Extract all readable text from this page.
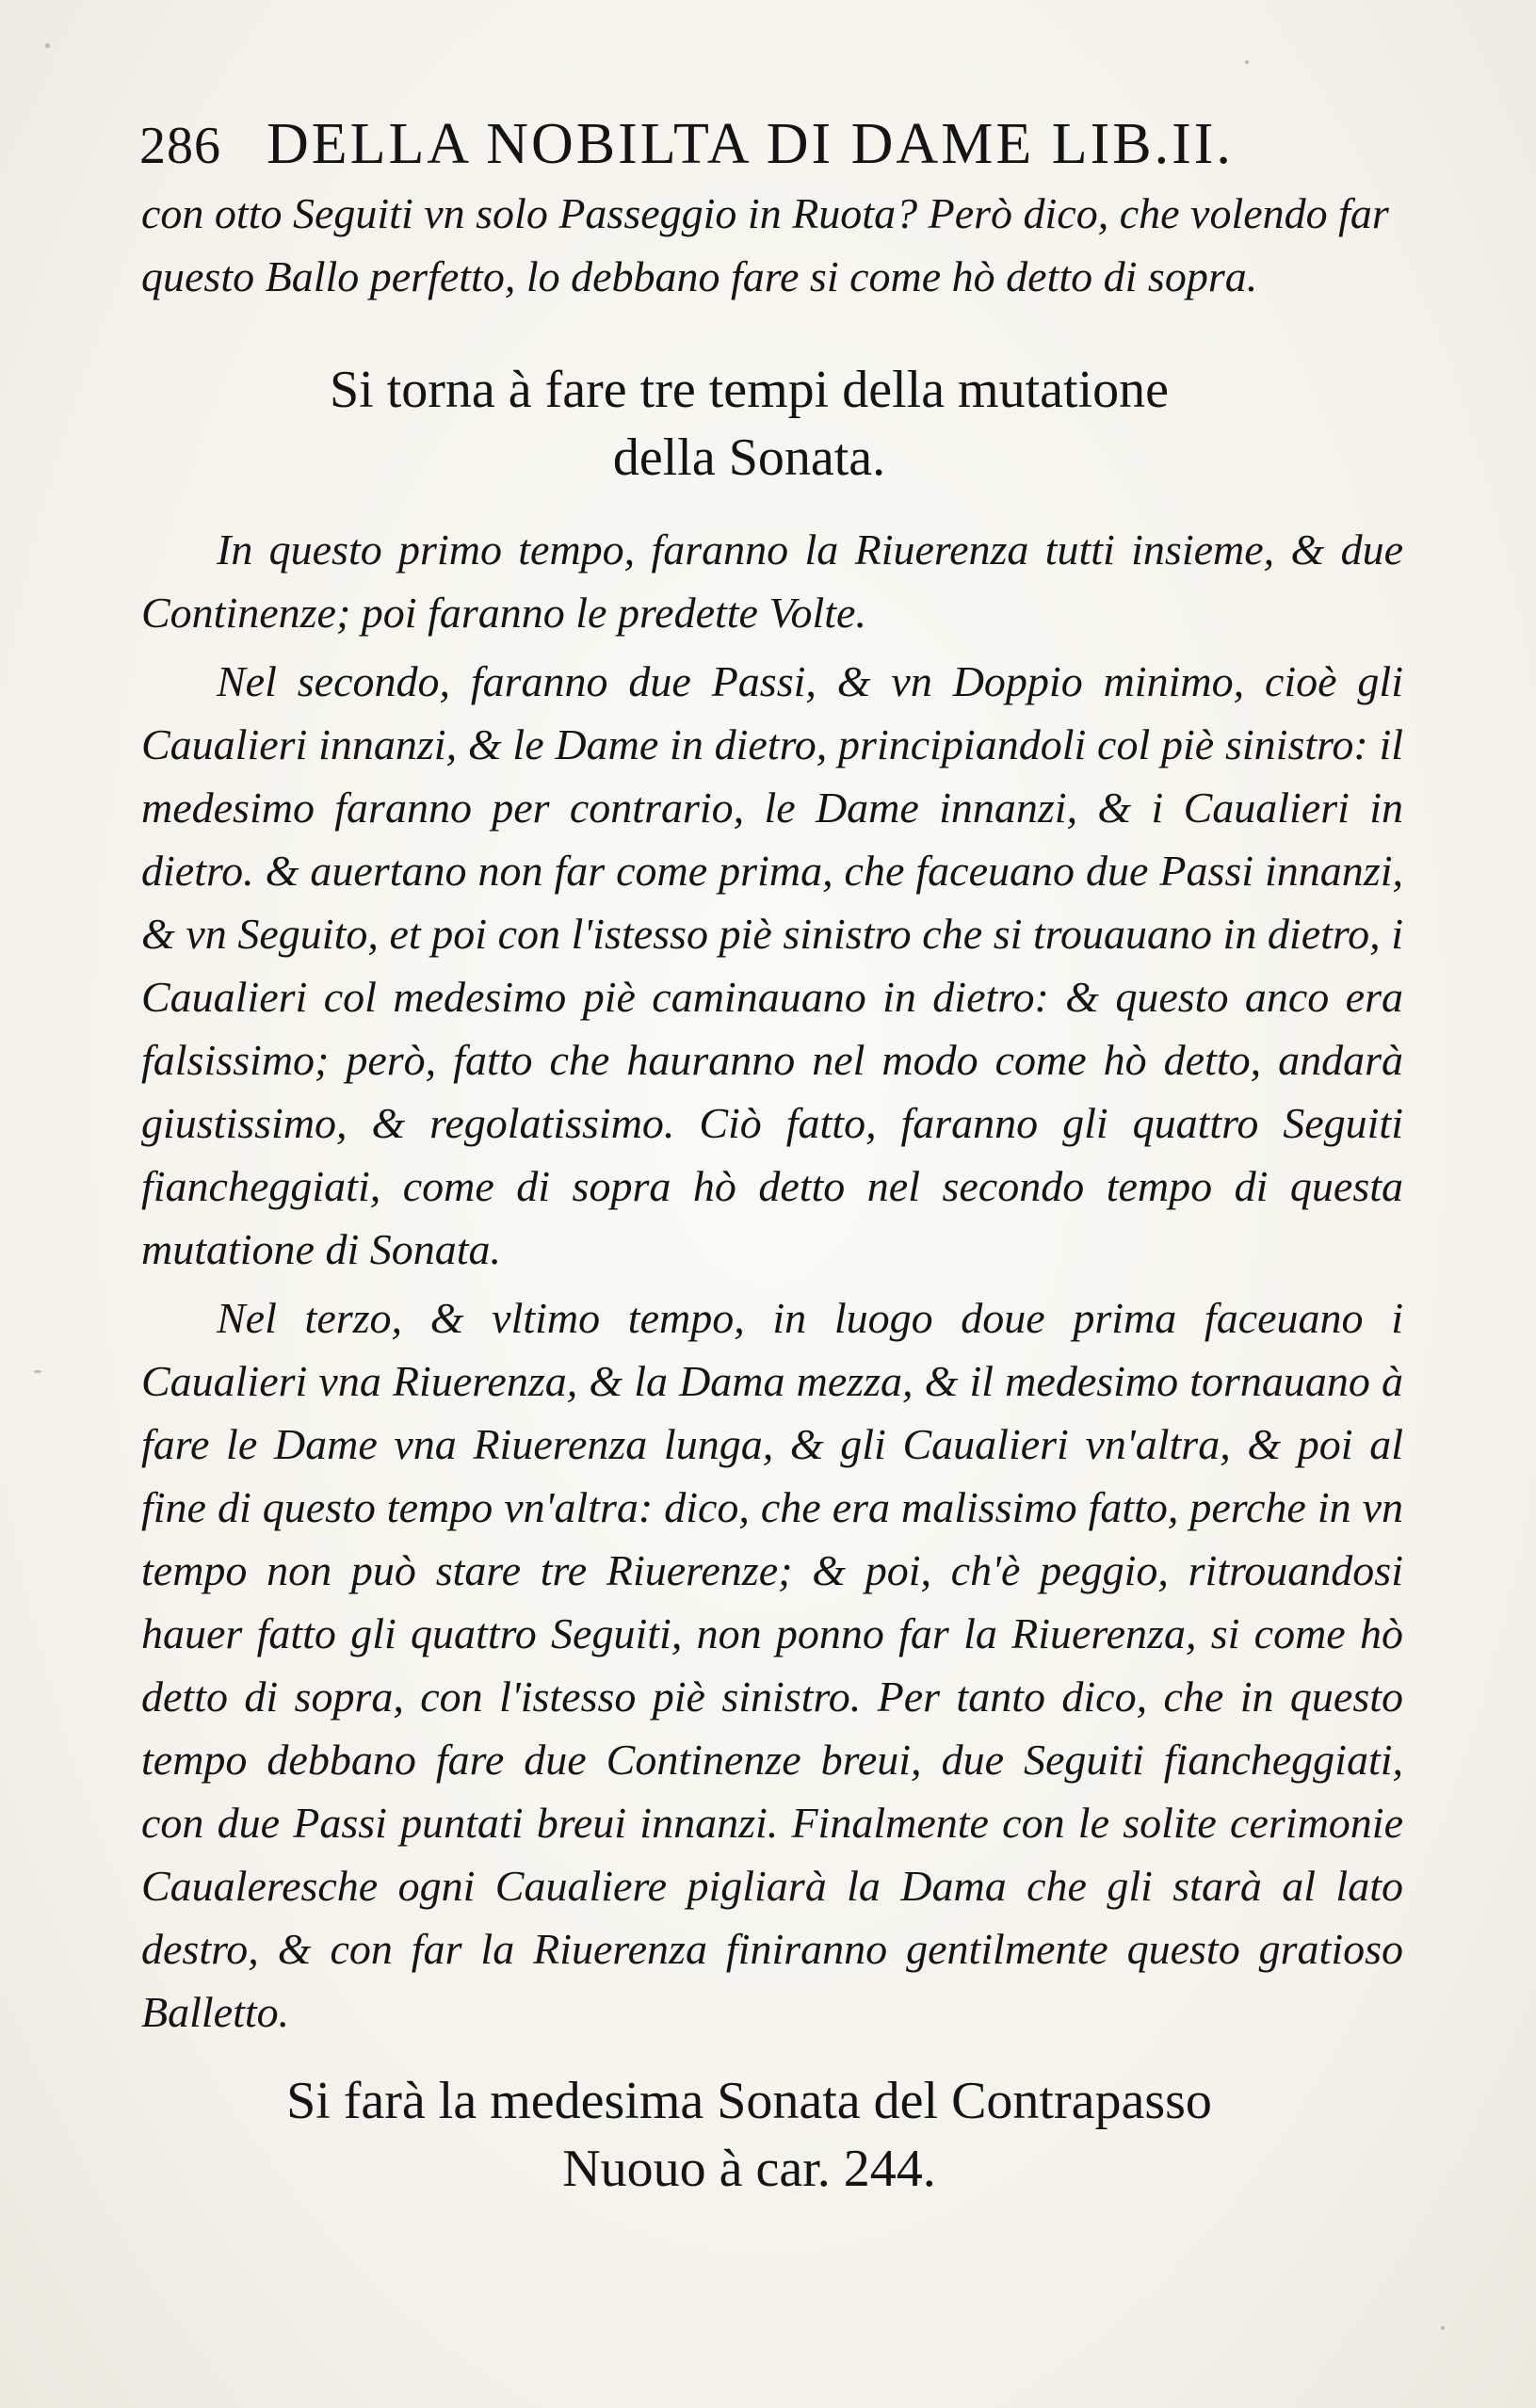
286 DELLA NOBILTA DI DAME LIB.II.

con otto Seguiti vn solo Passeggio in Ruota? Però dico, che volendo far questo Ballo perfetto, lo debbano fare si come hò detto di sopra.

Si torna à fare tre tempi della mutatione
della Sonata.

In questo primo tempo, faranno la Riuerenza tutti insieme, & due Continenze; poi faranno le predette Volte.

Nel secondo, faranno due Passi, & vn Doppio minimo, cioè gli Caualieri innanzi, & le Dame in dietro, principiandoli col piè sinistro: il medesimo faranno per contrario, le Dame innanzi, & i Caualieri in dietro. & auertano non far come prima, che faceuano due Passi innanzi, & vn Seguito, et poi con l'istesso piè sinistro che si trouauano in dietro, i Caualieri col medesimo piè caminauano in dietro: & questo anco era falsissimo; però, fatto che hauranno nel modo come hò detto, andarà giustissimo, & regolatissimo. Ciò fatto, faranno gli quattro Seguiti fiancheggiati, come di sopra hò detto nel secondo tempo di questa mutatione di Sonata.

Nel terzo, & vltimo tempo, in luogo doue prima faceuano i Caualieri vna Riuerenza, & la Dama mezza, & il medesimo tornauano à fare le Dame vna Riuerenza lunga, & gli Caualieri vn'altra, & poi al fine di questo tempo vn'altra: dico, che era malissimo fatto, perche in vn tempo non può stare tre Riuerenze; & poi, ch'è peggio, ritrouandosi hauer fatto gli quattro Seguiti, non ponno far la Riuerenza, si come hò detto di sopra, con l'istesso piè sinistro. Per tanto dico, che in questo tempo debbano fare due Continenze breui, due Seguiti fiancheggiati, con due Passi puntati breui innanzi. Finalmente con le solite cerimonie Caualeresche ogni Caualiere pigliarà la Dama che gli starà al lato destro, & con far la Riuerenza finiranno gentilmente questo gratioso Balletto.

Si farà la medesima Sonata del Contrapasso
Nuouo à car. 244.
